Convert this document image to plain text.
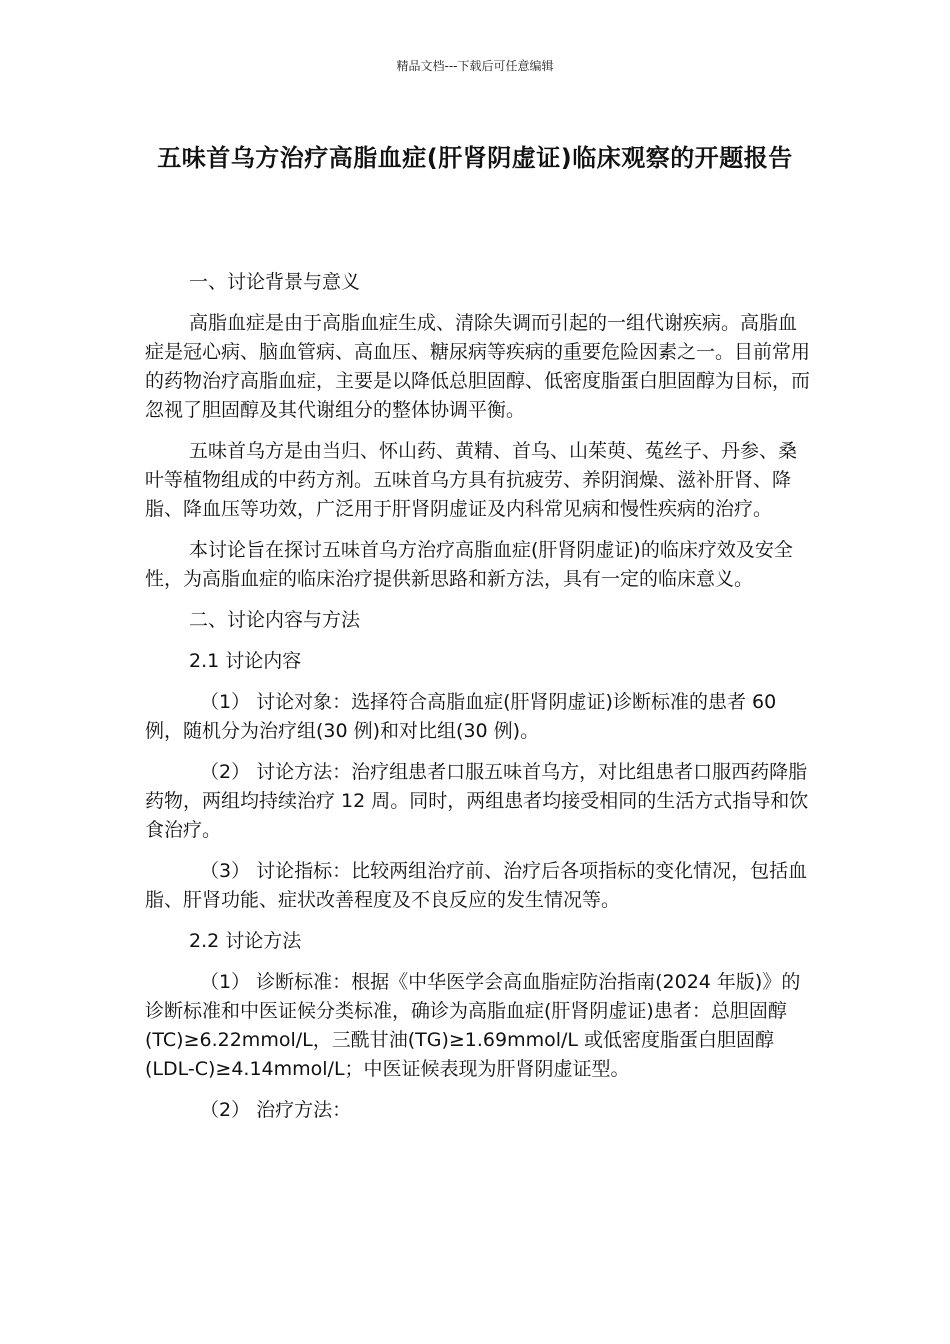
精品文档---下载后可任意编辑
五味首乌方治疗高脂血症(肝肾阴虚证)临床观察的开题报告

一、讨论背景与意义

高脂血症是由于高脂血症生成、清除失调而引起的一组代谢疾病。高脂血症是冠心病、脑血管病、高血压、糖尿病等疾病的重要危险因素之一。目前常用的药物治疗高脂血症，主要是以降低总胆固醇、低密度脂蛋白胆固醇为目标，而忽视了胆固醇及其代谢组分的整体协调平衡。

五味首乌方是由当归、怀山药、黄精、首乌、山茱萸、菟丝子、丹参、桑叶等植物组成的中药方剂。五味首乌方具有抗疲劳、养阴润燥、滋补肝肾、降脂、降血压等功效，广泛用于肝肾阴虚证及内科常见病和慢性疾病的治疗。

本讨论旨在探讨五味首乌方治疗高脂血症(肝肾阴虚证)的临床疗效及安全性，为高脂血症的临床治疗提供新思路和新方法，具有一定的临床意义。

二、讨论内容与方法

2.1 讨论内容

（1） 讨论对象：选择符合高脂血症(肝肾阴虚证)诊断标准的患者 60 例，随机分为治疗组(30 例)和对比组(30 例)。

（2） 讨论方法：治疗组患者口服五味首乌方，对比组患者口服西药降脂药物，两组均持续治疗 12 周。同时，两组患者均接受相同的生活方式指导和饮食治疗。

（3） 讨论指标：比较两组治疗前、治疗后各项指标的变化情况，包括血脂、肝肾功能、症状改善程度及不良反应的发生情况等。

2.2 讨论方法

（1） 诊断标准：根据《中华医学会高血脂症防治指南(2024 年版)》的诊断标准和中医证候分类标准，确诊为高脂血症(肝肾阴虚证)患者：总胆固醇(TC)≥6.22mmol/L，三酰甘油(TG)≥1.69mmol/L 或低密度脂蛋白胆固醇(LDL-C)≥4.14mmol/L；中医证候表现为肝肾阴虚证型。

（2） 治疗方法：
